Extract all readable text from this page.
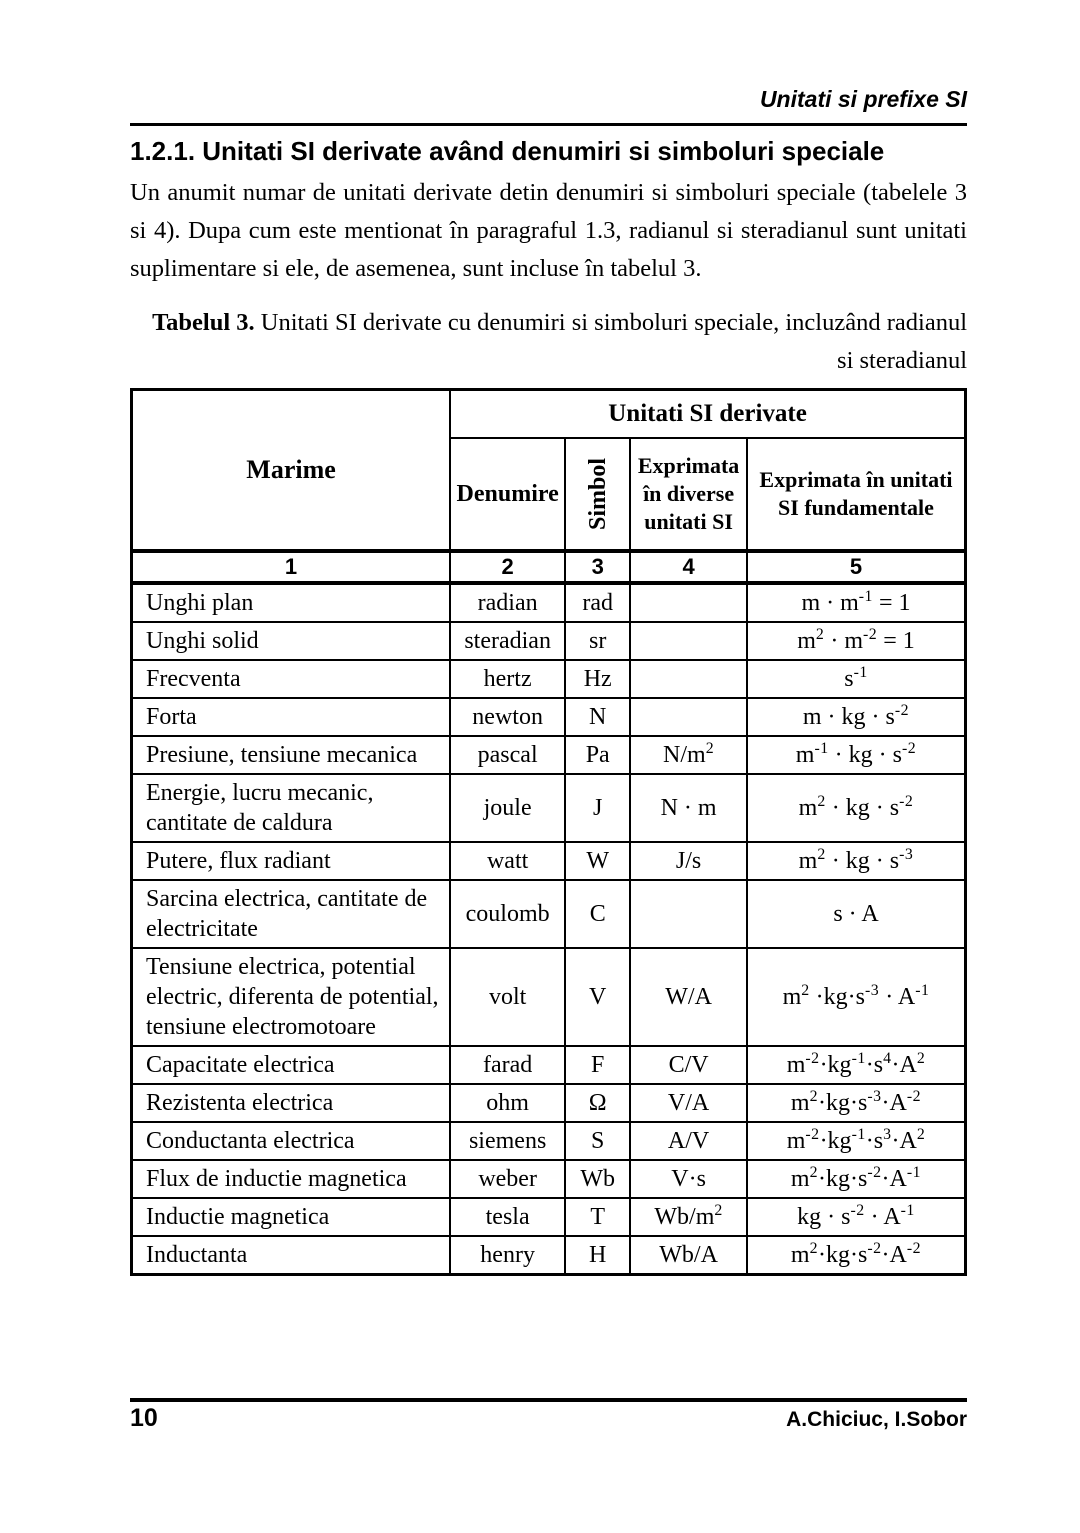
Unitati si prefixe SI
1.2.1. Unitati SI derivate având denumiri si simboluri speciale

Un anumit numar de unitati derivate detin denumiri si simboluri speciale (tabelele 3 si 4). Dupa cum este mentionat în paragraful 1.3, radianul si steradianul sunt unitati suplimentare si ele, de asemenea, sunt incluse în tabelul 3.

Tabelul 3. Unitati SI derivate cu denumiri si simboluri speciale, incluzând radianul si steradianul
Marime	Unitati SI derivate			
	Denumire	Simbol	Exprimata în diverse unitati SI	Exprimata în unitati SI fundamentale
1	2	3	4	5
Unghi plan	radian	rad		$m \cdot m^{-1} = 1$
Unghi solid	steradian	sr		$m^2 \cdot m^{-2} = 1$
Frecventa	hertz	Hz		$s^{-1}$
Forta	newton	N		m · kg · $s^{-2}$
Presiune, tensiune mecanica	pascal	Pa	$N/m^2$	$m^{-1}$ · kg · $s^{-2}$
Energie, lucru mecanic, cantitate de caldura	joule	J	N · m	$m^2$ · kg · $s^{-2}$
Putere, flux radiant	watt	W	J/s	$m^2$ · kg · $s^{-3}$
Sarcina electrica, cantitate de electricitate	coulomb	C		s · A
Tensiune electrica, potential electric, diferenta de potential, tensiune electromotoare	volt	V	W/A	$m^2 \cdot kg\cdot s^{-3} \cdot A^{-1}$
Capacitate electrica	farad	F	C/V	$m^{-2}\cdot kg^{-1}\cdot s^4\cdot A^2$
Rezistenta electrica	ohm	Ω	V/A	$m^2\cdot kg\cdot s^{-3}\cdot A^{-2}$
Conductanta electrica	siemens	S	A/V	$m^{-2}\cdot kg^{-1}\cdot s^3\cdot A^2$
Flux de inductie magnetica	weber	Wb	V·s	$m^2\cdot kg\cdot s^{-2}\cdot A^{-1}$
Inductie magnetica	tesla	T	$Wb/m^2$	kg · $s^{-2} \cdot A^{-1}$
Inductanta	henry	H	Wb/A	$m^2\cdot kg\cdot s^{-2}\cdot A^{-2}$
10	A.Chiciuc, I.Sobor
